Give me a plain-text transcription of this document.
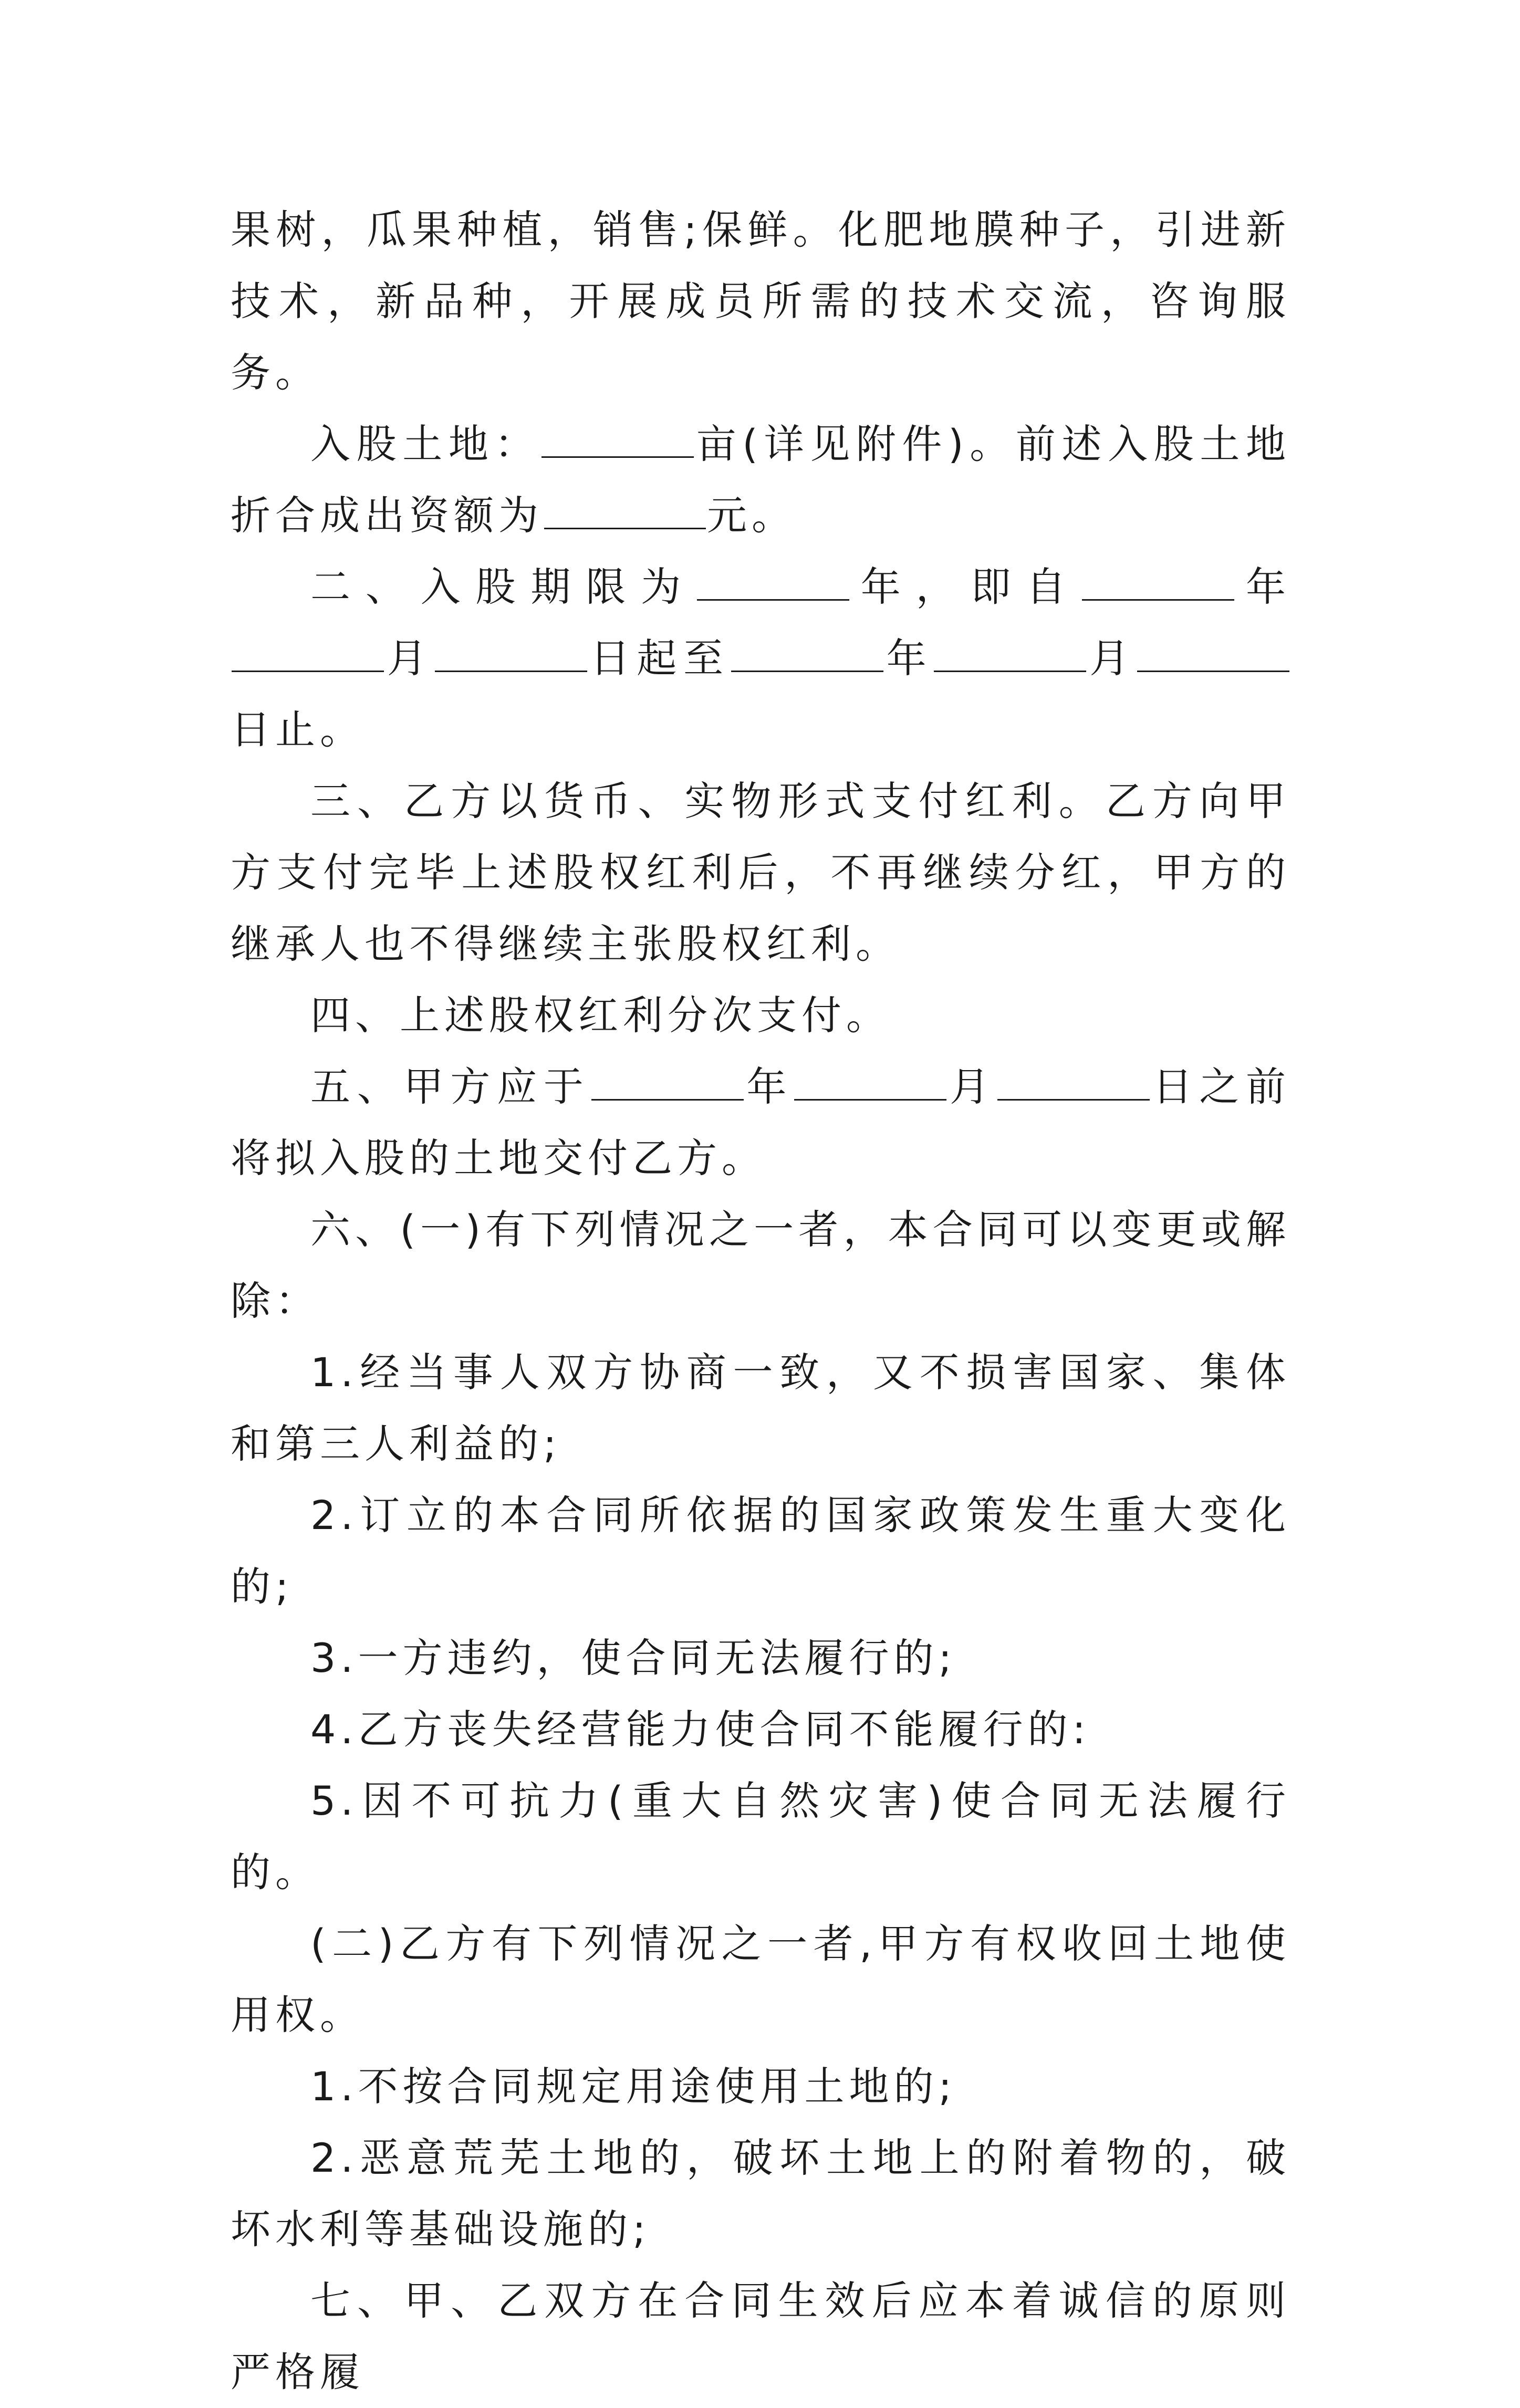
果树，瓜果种植，销售;保鲜。化肥地膜种子，引进新技术，新品种，开展成员所需的技术交流，咨询服务。

入股土地：	亩(详见附件)。前述入股土地折合成出资额为	元。

二、入股期限为	年，即自	年月	日起至	年	月日止。

三、乙方以货币、实物形式支付红利。乙方向甲方支付完毕上述股权红利后，不再继续分红，甲方的继承人也不得继续主张股权红利。

四、上述股权红利分次支付。

五、甲方应于	年	月	日之前将拟入股的土地交付乙方。

六、(一)有下列情况之一者，本合同可以变更或解除：

1.经当事人双方协商一致，又不损害国家、集体和第三人利益的;

2.订立的本合同所依据的国家政策发生重大变化的;

3.一方违约，使合同无法履行的;

4.乙方丧失经营能力使合同不能履行的:

5.因不可抗力(重大自然灾害)使合同无法履行的。

(二)乙方有下列情况之一者,甲方有权收回土地使用权。

1.不按合同规定用途使用土地的;

2.恶意荒芜土地的，破坏土地上的附着物的，破坏水利等基础设施的;

七、甲、乙双方在合同生效后应本着诚信的原则严格履
